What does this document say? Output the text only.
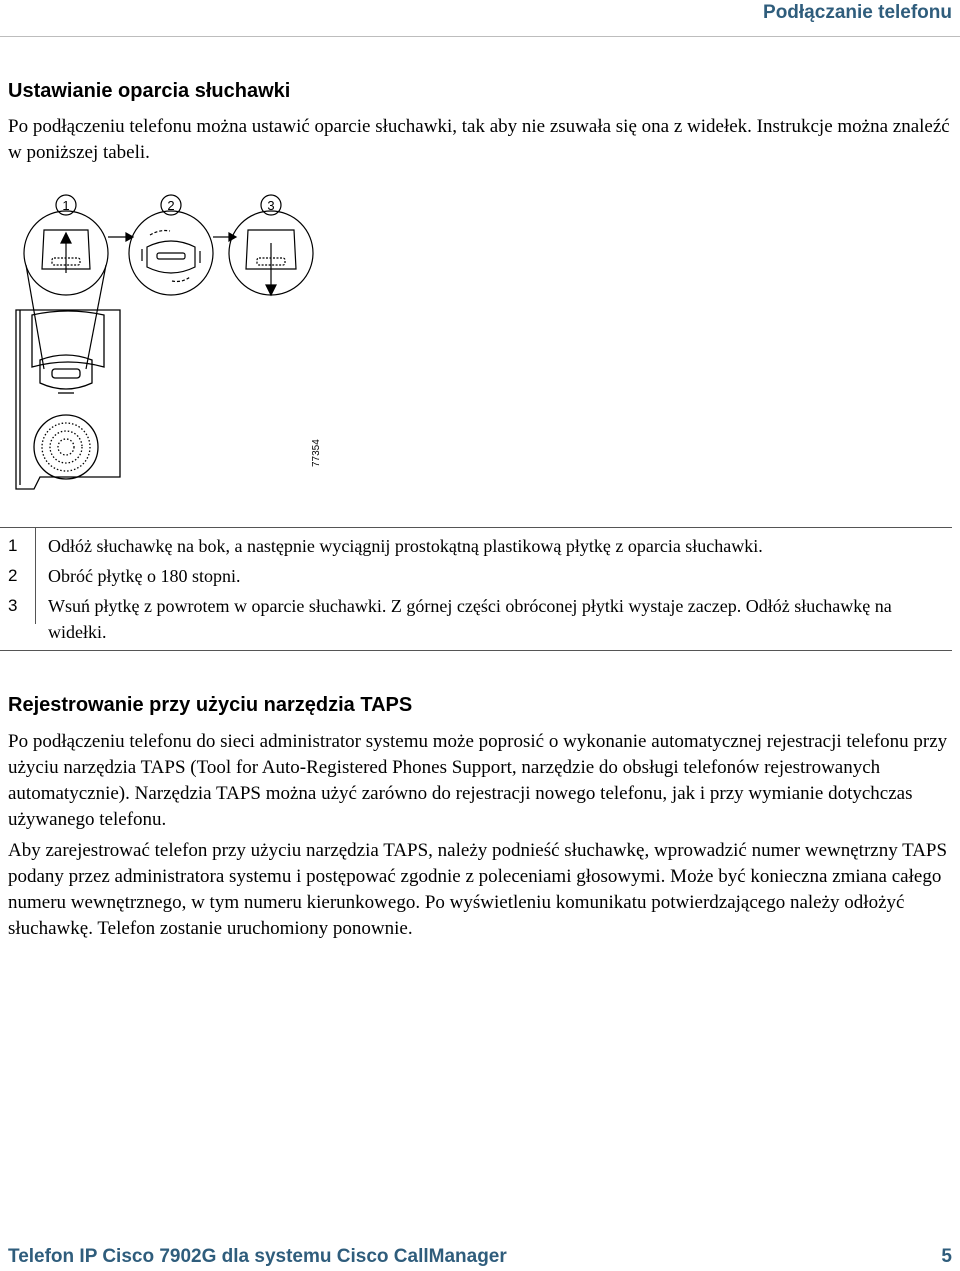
Podłączanie telefonu
Ustawianie oparcia słuchawki

Po podłączeniu telefonu można ustawić oparcie słuchawki, tak aby nie zsuwała się ona z widełek. Instrukcje można znaleźć w poniższej tabeli.

1	2	3
77354
1	Odłóż słuchawkę na bok, a następnie wyciągnij prostokątną plastikową płytkę z oparcia słuchawki.
2	Obróć płytkę o 180 stopni.
3	Wsuń płytkę z powrotem w oparcie słuchawki. Z górnej części obróconej płytki wystaje zaczep. Odłóż słuchawkę na widełki.
Rejestrowanie przy użyciu narzędzia TAPS

Po podłączeniu telefonu do sieci administrator systemu może poprosić o wykonanie automatycznej rejestracji telefonu przy użyciu narzędzia TAPS (Tool for Auto-Registered Phones Support, narzędzie do obsługi telefonów rejestrowanych automatycznie). Narzędzia TAPS można użyć zarówno do rejestracji nowego telefonu, jak i przy wymianie dotychczas używanego telefonu.

Aby zarejestrować telefon przy użyciu narzędzia TAPS, należy podnieść słuchawkę, wprowadzić numer wewnętrzny TAPS podany przez administratora systemu i postępować zgodnie z poleceniami głosowymi. Może być konieczna zmiana całego numeru wewnętrznego, w tym numeru kierunkowego. Po wyświetleniu komunikatu potwierdzającego należy odłożyć słuchawkę. Telefon zostanie uruchomiony ponownie.

Telefon IP Cisco 7902G dla systemu Cisco CallManager	5
